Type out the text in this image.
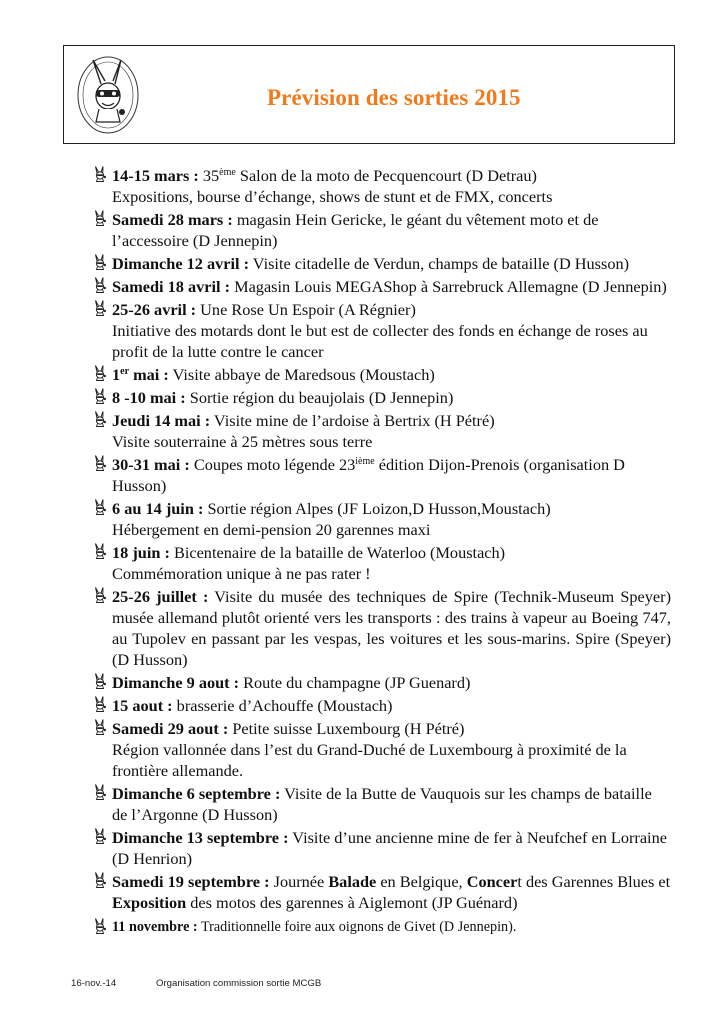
Prévision des sorties 2015
14-15 mars : 35ème Salon de la moto de Pecquencourt (D Detrau)
Expositions, bourse d’échange, shows de stunt et de FMX, concerts
Samedi 28 mars : magasin Hein Gericke, le géant du vêtement moto et de l’accessoire (D Jennepin)
Dimanche 12 avril : Visite citadelle de Verdun, champs de bataille (D Husson)
Samedi 18 avril : Magasin Louis MEGAShop à Sarrebruck Allemagne (D Jennepin)
25-26 avril : Une Rose Un Espoir (A Régnier)
Initiative des motards dont le but est de collecter des fonds en échange de roses au profit de la lutte contre le cancer
1er mai : Visite abbaye de Maredsous (Moustach)
8 -10 mai : Sortie région du beaujolais (D Jennepin)
Jeudi 14 mai : Visite mine de l’ardoise à Bertrix (H Pétré)
Visite souterraine à 25 mètres sous terre
30-31 mai : Coupes moto légende 23ième édition Dijon-Prenois (organisation D Husson)
6 au 14 juin : Sortie région Alpes (JF Loizon,D Husson,Moustach)
Hébergement en demi-pension 20 garennes maxi
18 juin : Bicentenaire de la bataille de Waterloo (Moustach)
Commémoration unique à ne pas rater !
25-26 juillet : Visite du musée des techniques de Spire (Technik-Museum Speyer) musée allemand plutôt orienté vers les transports : des trains à vapeur au Boeing 747, au Tupolev en passant par les vespas, les voitures et les sous-marins. Spire (Speyer) (D Husson)
Dimanche 9 aout : Route du champagne (JP Guenard)
15 aout : brasserie d’Achouffe (Moustach)
Samedi 29 aout : Petite suisse Luxembourg (H Pétré)
Région vallonnée dans l’est du Grand-Duché de Luxembourg à proximité de la frontière allemande.
Dimanche 6 septembre : Visite de la Butte de Vauquois sur les champs de bataille de l’Argonne (D Husson)
Dimanche 13 septembre : Visite d’une ancienne mine de fer à Neufchef en Lorraine (D Henrion)
Samedi 19 septembre : Journée Balade en Belgique, Concert des Garennes Blues et Exposition des motos des garennes à Aiglemont (JP Guénard)
11 novembre : Traditionnelle foire aux oignons de Givet (D Jennepin).
16-nov.-14	Organisation commission sortie MCGB
